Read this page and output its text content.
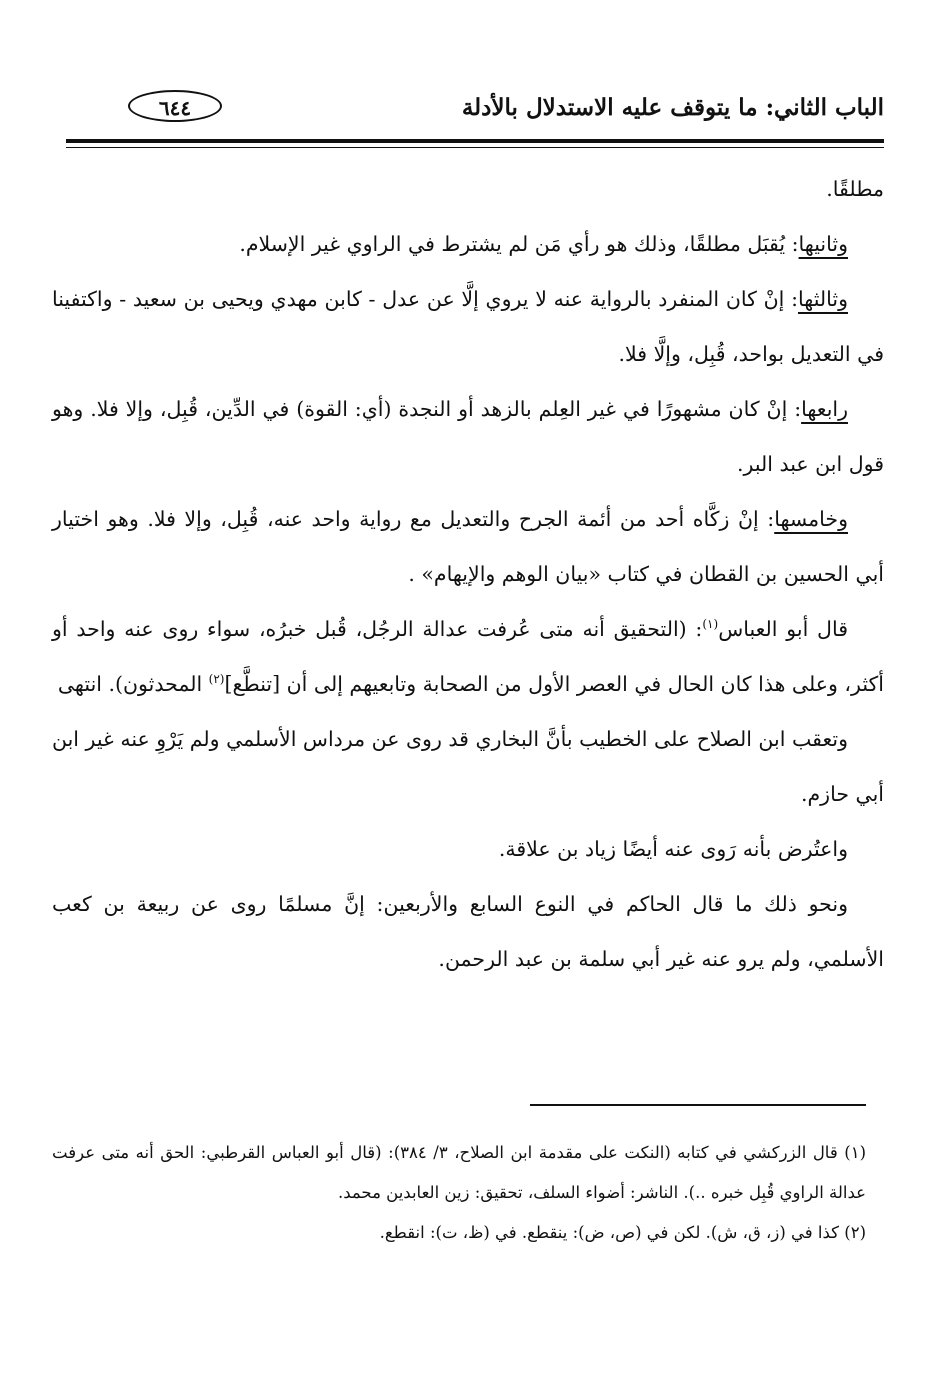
الباب الثاني: ما يتوقف عليه الاستدلال بالأدلة
٦٤٤

مطلقًا.

وثانيها: يُقبَل مطلقًا، وذلك هو رأي مَن لم يشترط في الراوي غير الإسلام.

وثالثها: إنْ كان المنفرد بالرواية عنه لا يروي إلَّا عن عدل - كابن مهدي ويحيى بن سعيد - واكتفينا في التعديل بواحد، قُبِل، وإلَّا فلا.

رابعها: إنْ كان مشهورًا في غير العِلم بالزهد أو النجدة (أي: القوة) في الدِّين، قُبِل، وإلا فلا. وهو قول ابن عبد البر.

وخامسها: إنْ زكَّاه أحد من أئمة الجرح والتعديل مع رواية واحد عنه، قُبِل، وإلا فلا. وهو اختيار أبي الحسين بن القطان في كتاب «بيان الوهم والإيهام» .

قال أبو العباس$^{(١)}$: (التحقيق أنه متى عُرفت عدالة الرجُل، قُبل خبرُه، سواء روى عنه واحد أو أكثر، وعلى هذا كان الحال في العصر الأول من الصحابة وتابعيهم إلى أن [تنطَّع]$^{(٢)}$ المحدثون). انتهى

وتعقب ابن الصلاح على الخطيب بأنَّ البخاري قد روى عن مرداس الأسلمي ولم يَرْوِ عنه غير ابن أبي حازم.

واعتُرض بأنه رَوى عنه أيضًا زياد بن علاقة.

ونحو ذلك ما قال الحاكم في النوع السابع والأربعين: إنَّ مسلمًا روى عن ربيعة بن كعب الأسلمي، ولم يرو عنه غير أبي سلمة بن عبد الرحمن.

(١) قال الزركشي في كتابه (النكت على مقدمة ابن الصلاح، ٣/ ٣٨٤): (قال أبو العباس القرطبي: الحق أنه متى عرفت عدالة الراوي قُبِل خبره ..). الناشر: أضواء السلف، تحقيق: زين العابدين محمد.

(٢) كذا في (ز، ق، ش). لكن في (ص، ض): ينقطع. في (ظ، ت): انقطع.
